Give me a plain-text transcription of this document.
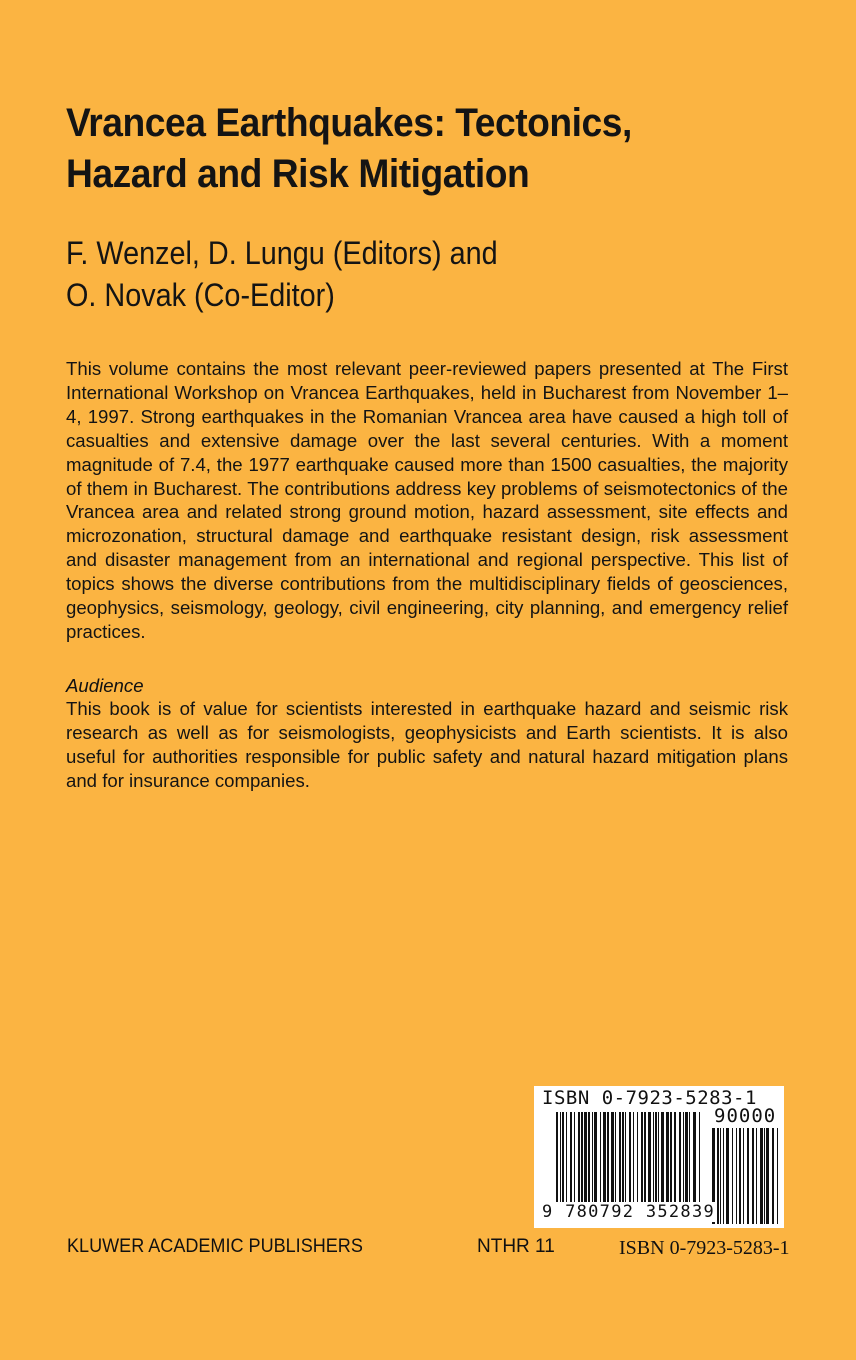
Vrancea Earthquakes: Tectonics,
Hazard and Risk Mitigation
F. Wenzel, D. Lungu (Editors) and
O. Novak (Co-Editor)

This volume contains the most relevant peer-reviewed papers presented at The First International Workshop on Vrancea Earthquakes, held in Bucharest from November 1–4, 1997. Strong earthquakes in the Romanian Vrancea area have caused a high toll of casualties and extensive damage over the last several centuries. With a moment magnitude of 7.4, the 1977 earthquake caused more than 1500 casualties, the majority of them in Bucharest. The contributions address key problems of seismotectonics of the Vrancea area and related strong ground motion, hazard assessment, site effects and microzonation, structural damage and earthquake resistant design, risk assessment and disaster management from an international and regional perspective. This list of topics shows the diverse contributions from the multidisciplinary fields of geosciences, geophysics, seismology, geology, civil engineering, city planning, and emergency relief practices.

Audience
This book is of value for scientists interested in earthquake hazard and seismic risk research as well as for seismologists, geophysicists and Earth scientists. It is also useful for authorities responsible for public safety and natural hazard mitigation plans and for insurance companies.
ISBN 0-7923-5283-1
90000
9 780792 352839
KLUWER ACADEMIC PUBLISHERS	NTHR 11	ISBN 0-7923-5283-1
